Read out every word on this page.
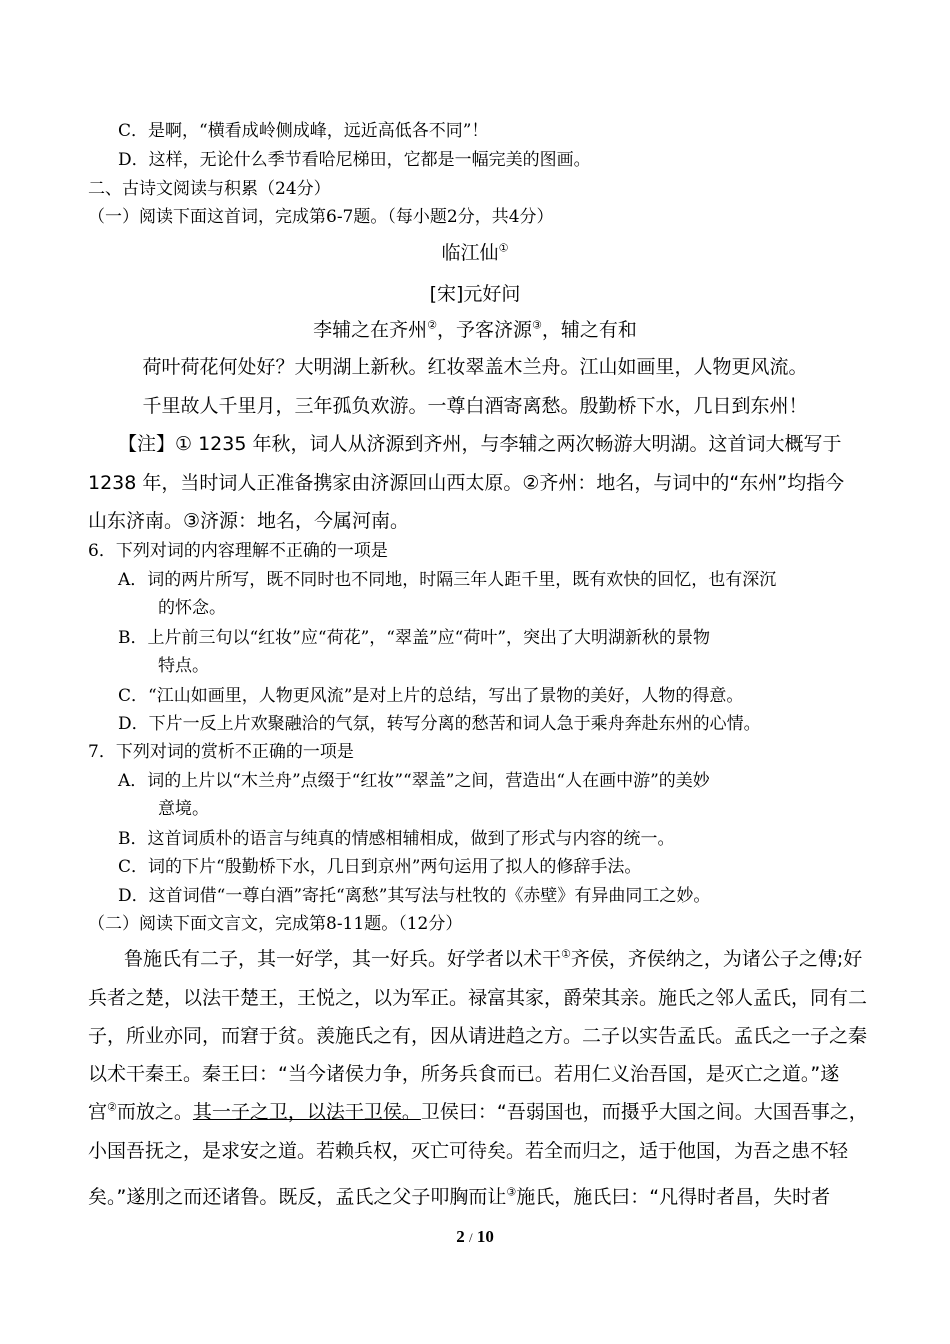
C．是啊，“横看成岭侧成峰，远近高低各不同”！
D．这样，无论什么季节看哈尼梯田，它都是一幅完美的图画。
二、古诗文阅读与积累（24分）
（一）阅读下面这首词，完成第6-7题。（每小题2分，共4分）
临江仙①
[宋]元好问
李辅之在齐州②，予客济源③，辅之有和
荷叶荷花何处好？大明湖上新秋。红妆翠盖木兰舟。江山如画里，人物更风流。
千里故人千里月，三年孤负欢游。一尊白酒寄离愁。殷勤桥下水，几日到东州！
【注】① 1235 年秋，词人从济源到齐州，与李辅之两次畅游大明湖。这首词大概写于
1238 年，当时词人正准备携家由济源回山西太原。②齐州：地名，与词中的“东州”均指今
山东济南。③济源：地名，今属河南。
6．下列对词的内容理解不正确的一项是
A．词的两片所写，既不同时也不同地，时隔三年人距千里，既有欢快的回忆，也有深沉
的怀念。
B．上片前三句以“红妆”应“荷花”，“翠盖”应“荷叶”，突出了大明湖新秋的景物
特点。
C．“江山如画里，人物更风流”是对上片的总结，写出了景物的美好，人物的得意。
D．下片一反上片欢聚融洽的气氛，转写分离的愁苦和词人急于乘舟奔赴东州的心情。
7．下列对词的赏析不正确的一项是
A．词的上片以“木兰舟”点缀于“红妆”“翠盖”之间，营造出“人在画中游”的美妙
意境。
B．这首词质朴的语言与纯真的情感相辅相成，做到了形式与内容的统一。
C．词的下片“殷勤桥下水，几日到京州”两句运用了拟人的修辞手法。
D．这首词借“一尊白酒”寄托“离愁”其写法与杜牧的《赤壁》有异曲同工之妙。
（二）阅读下面文言文，完成第8-11题。（12分）
鲁施氏有二子，其一好学，其一好兵。好学者以术干①齐侯，齐侯纳之，为诸公子之傅;好
兵者之楚，以法干楚王，王悦之，以为军正。禄富其家，爵荣其亲。施氏之邻人孟氏，同有二
子，所业亦同，而窘于贫。羡施氏之有，因从请进趋之方。二子以实告孟氏。孟氏之一子之秦
以术干秦王。秦王曰：“当今诸侯力争，所务兵食而已。若用仁义治吾国，是灭亡之道。”遂
宫②而放之。其一子之卫，以法干卫侯。卫侯曰：“吾弱国也，而摄乎大国之间。大国吾事之，
小国吾抚之，是求安之道。若赖兵权，灭亡可待矣。若全而归之，适于他国，为吾之患不轻
矣。”遂刖之而还诸鲁。既反，孟氏之父子叩胸而让③施氏，施氏曰：“凡得时者昌，失时者
2 / 10
